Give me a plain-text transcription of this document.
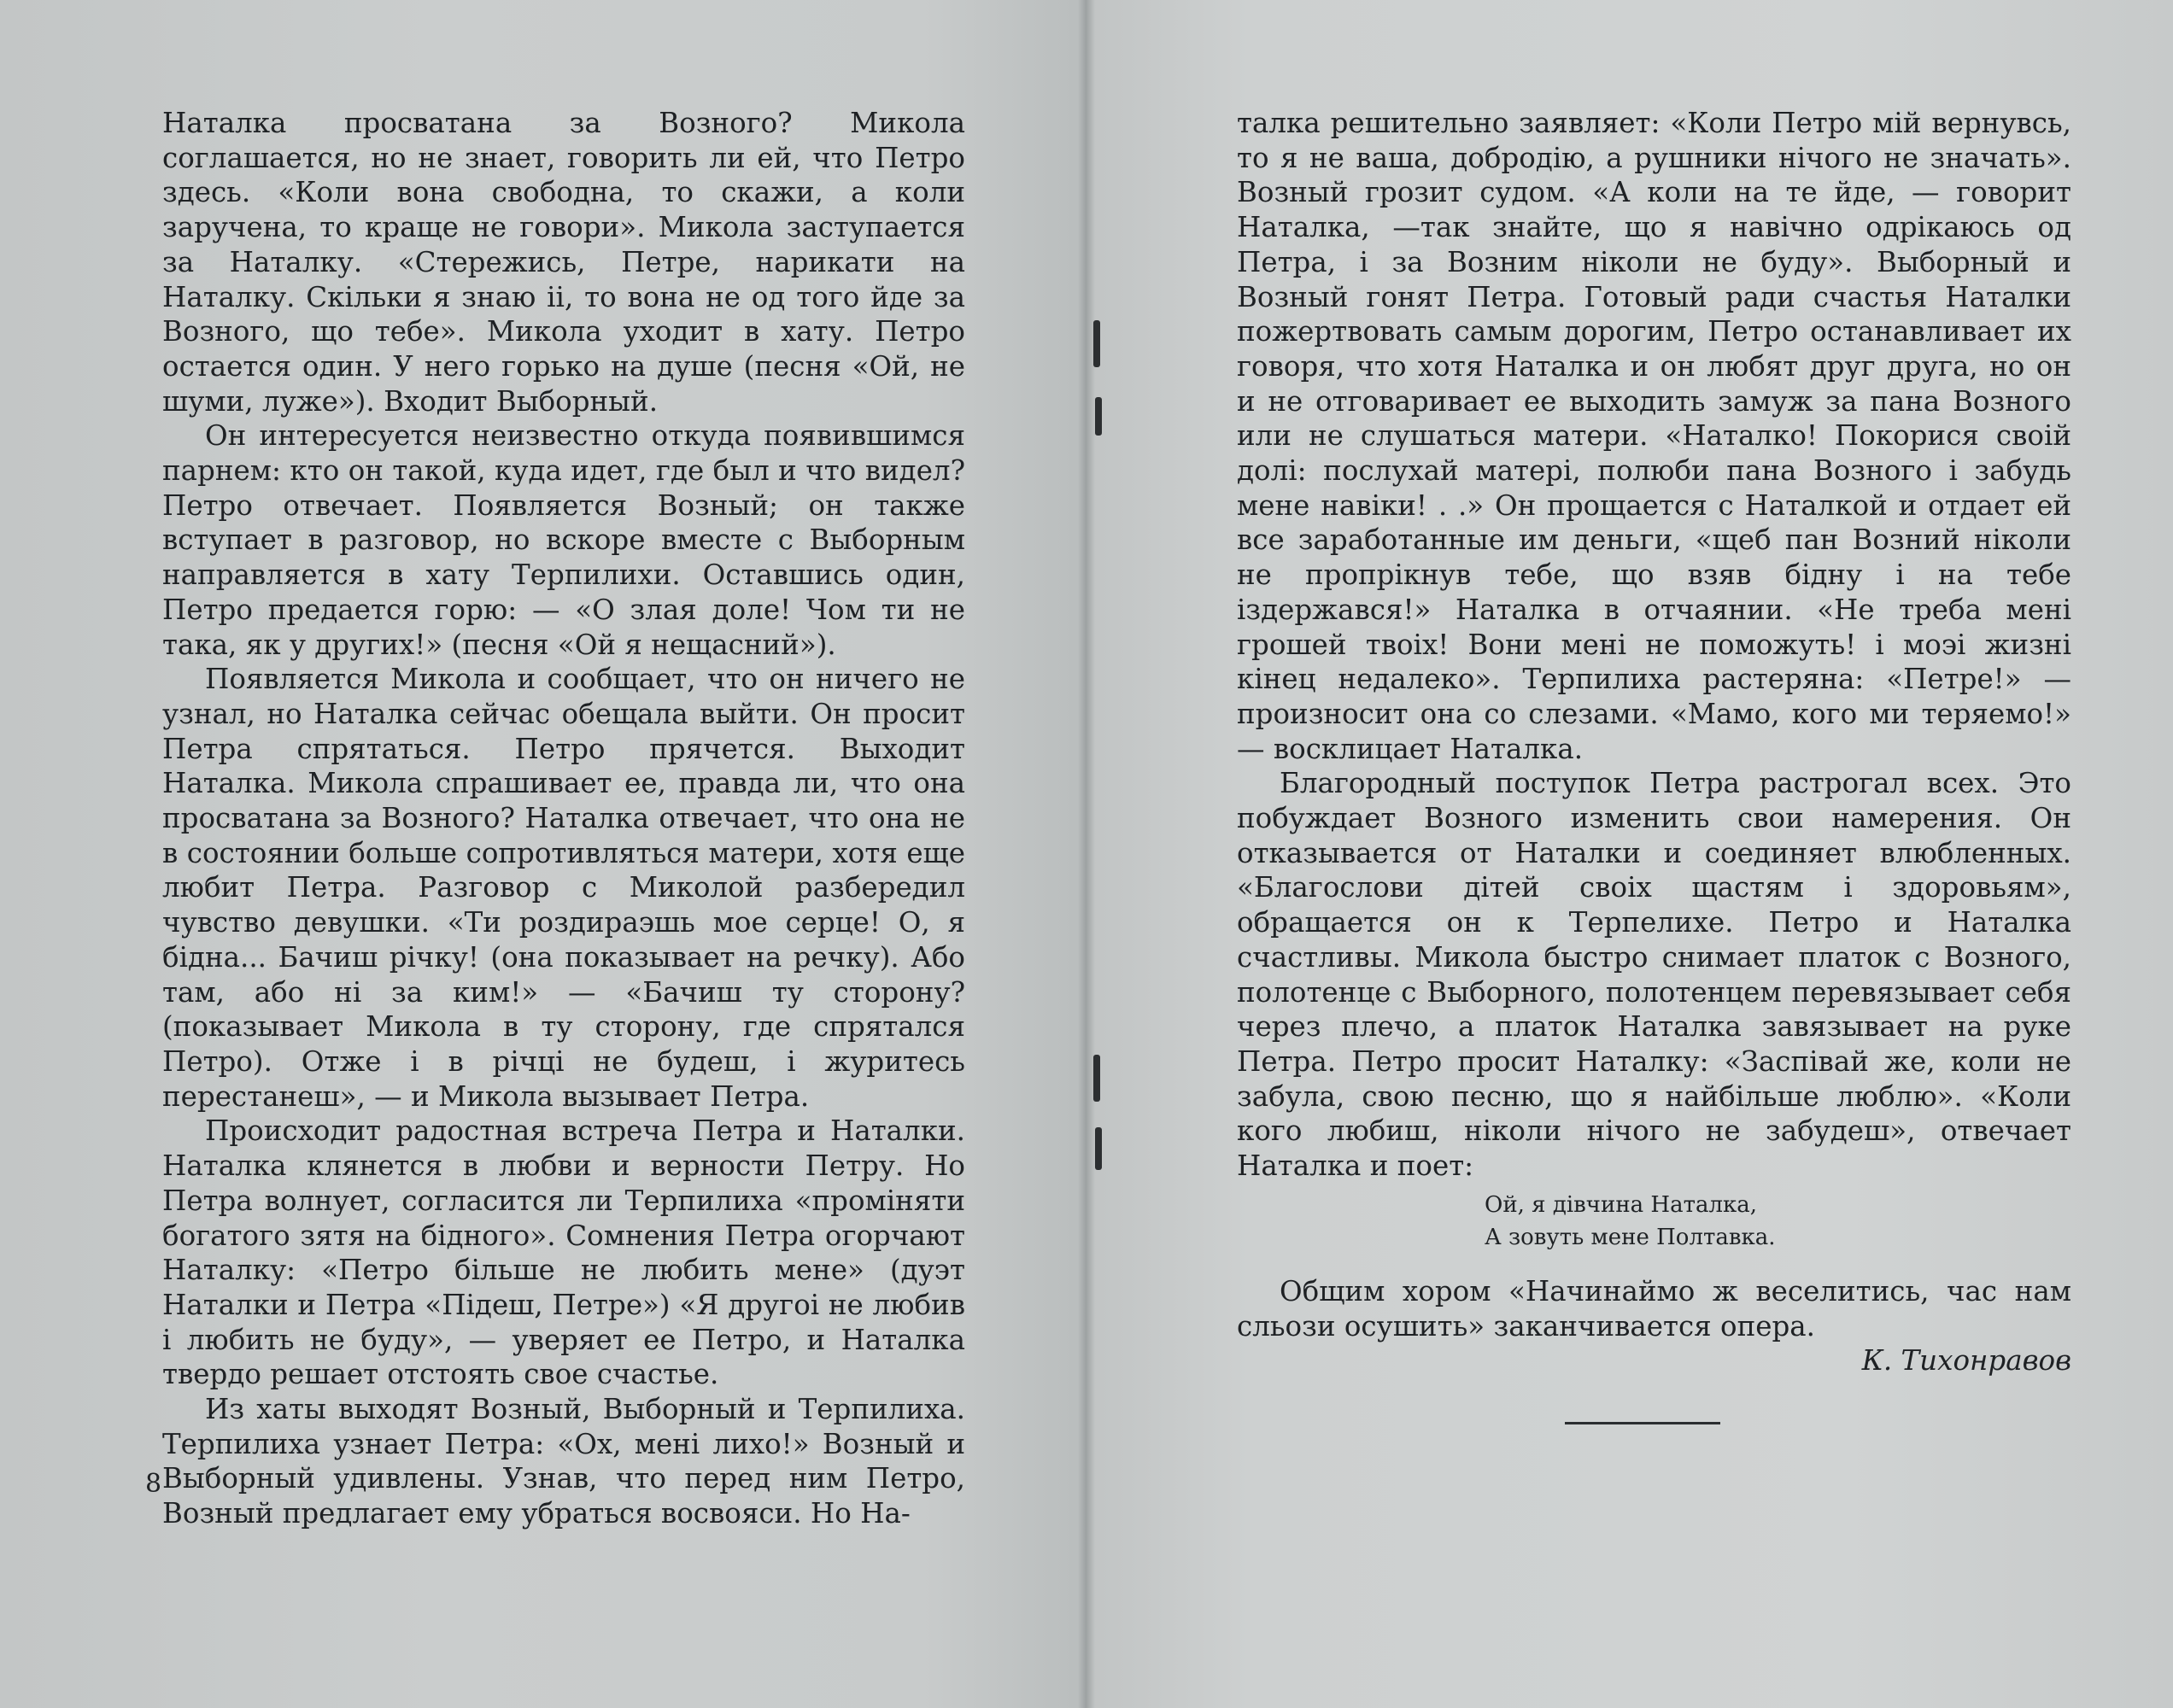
Наталка просватана за Возного? Микола соглашается, но не знает, говорить ли ей, что Петро здесь. «Коли вона свободна, то скажи, а коли заручена, то краще не говори». Микола заступается за Наталку. «Стережись, Петре, нарикати на Наталку. Скільки я знаю іі, то вона не од того йде за Возного, що тебе». Микола уходит в хату. Петро остается один. У него горько на душе (песня «Ой, не шуми, луже»). Входит Выборный.

Он интересуется неизвестно откуда появившимся парнем: кто он такой, куда идет, где был и что видел? Петро отвечает. Появляется Возный; он также вступает в разговор, но вскоре вместе с Выборным направляется в хату Терпилихи. Оставшись один, Петро предается горю: — «О злая доле! Чом ти не така, як у других!» (песня «Ой я нещасний»).

Появляется Микола и сообщает, что он ничего не узнал, но Наталка сейчас обещала выйти. Он просит Петра спрятаться. Петро прячется. Выходит Наталка. Микола спрашивает ее, правда ли, что она просватана за Возного? Наталка отвечает, что она не в состоянии больше сопротивляться матери, хотя еще любит Петра. Разговор с Миколой разбередил чувство девушки. «Ти роздираэшь мое серце! О, я бідна... Бачиш річку! (она показывает на речку). Або там, або ні за ким!» — «Бачиш ту сторону? (показывает Микола в ту сторону, где спрятался Петро). Отже і в річці не будеш, і журитесь перестанеш», — и Микола вызывает Петра.

Происходит радостная встреча Петра и Наталки. Наталка клянется в любви и верности Петру. Но Петра волнует, согласится ли Терпилиха «проміняти богатого зятя на бідного». Сомнения Петра огорчают Наталку: «Петро більше не любить мене» (дуэт Наталки и Петра «Підеш, Петре») «Я другоі не любив і любить не буду», — уверяет ее Петро, и Наталка твердо решает отстоять свое счастье.

Из хаты выходят Возный, Выборный и Терпилиха. Терпилиха узнает Петра: «Ох, мені лихо!» Возный и Выборный удивлены. Узнав, что перед ним Петро, Возный предлагает ему убраться восвояси. Но На-

8

талка решительно заявляет: «Коли Петро мій вернувсь, то я не ваша, добродію, а рушники нічого не значать». Возный грозит судом. «А коли на те йде, — говорит Наталка, —так знайте, що я навічно одрікаюсь од Петра, і за Возним ніколи не буду». Выборный и Возный гонят Петра. Готовый ради счастья Наталки пожертвовать самым дорогим, Петро останавливает их говоря, что хотя Наталка и он любят друг друга, но он и не отговаривает ее выходить замуж за пана Возного или не слушаться матери. «Наталко! Покорися своій долі: послухай матері, полюби пана Возного і забудь мене навіки! . .» Он прощается с Наталкой и отдает ей все заработанные им деньги, «щеб пан Возний ніколи не пропрікнув тебе, що взяв бідну і на тебе іздержався!» Наталка в отчаянии. «Не треба мені грошей твоіх! Вони мені не поможуть! і моэі жизні кінец недалеко». Терпилиха растеряна: «Петре!» — произносит она со слезами. «Мамо, кого ми теряемо!» — восклицает Наталка.

Благородный поступок Петра растрогал всех. Это побуждает Возного изменить свои намерения. Он отказывается от Наталки и соединяет влюбленных. «Благослови дітей своіх щастям і здоровьям», обращается он к Терпелихе. Петро и Наталка счастливы. Микола быстро снимает платок с Возного, полотенце с Выборного, полотенцем перевязывает себя через плечо, а платок Наталка завязывает на руке Петра. Петро просит Наталку: «Заспівай же, коли не забула, свою песню, що я найбільше люблю». «Коли кого любиш, ніколи нічого не забудеш», отвечает Наталка и поет:

Ой, я дівчина Наталка,
А зовуть мене Полтавка.

Общим хором «Начинаймо ж веселитись, час нам сльози осушить» заканчивается опера.

К. Тихонравов
